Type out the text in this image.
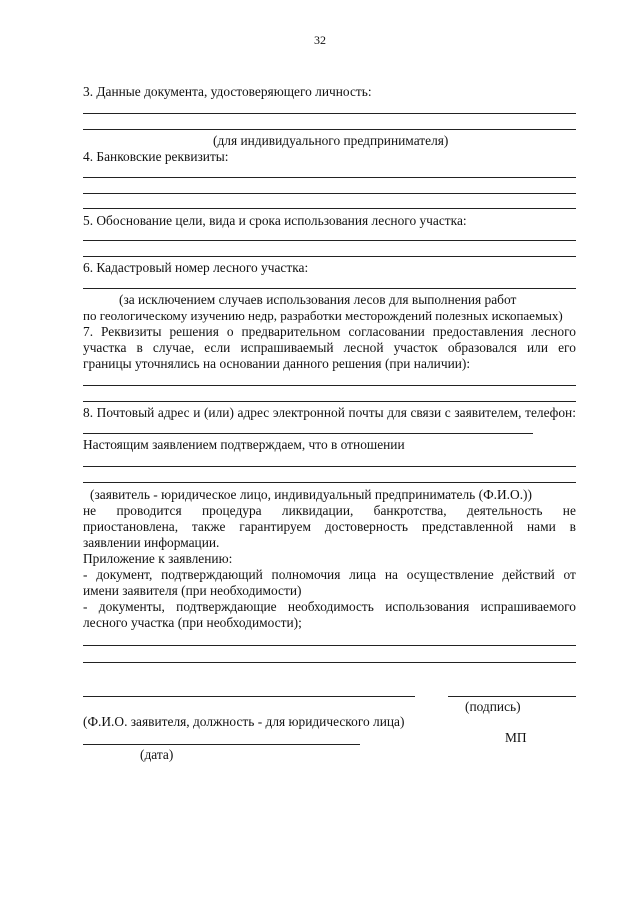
32
3. Данные документа, удостоверяющего личность:
(для индивидуального предпринимателя)
4. Банковские реквизиты:
5. Обоснование цели, вида и срока использования лесного участка:
6. Кадастровый номер лесного участка:
(за исключением случаев использования лесов для выполнения работ
по геологическому изучению недр, разработки месторождений полезных ископаемых)
7. Реквизиты решения о предварительном согласовании предоставления лесного
участка в случае, если испрашиваемый лесной участок образовался или его
границы уточнялись на основании данного решения (при наличии):
8. Почтовый адрес и (или) адрес электронной почты для связи с заявителем, телефон:
Настоящим заявлением подтверждаем, что в отношении
(заявитель - юридическое лицо, индивидуальный предприниматель (Ф.И.О.))
не проводится процедура ликвидации, банкротства, деятельность не
приостановлена, также гарантируем достоверность представленной нами в
заявлении информации.
Приложение к заявлению:
- документ, подтверждающий полномочия лица на осуществление действий от
имени заявителя (при необходимости)
- документы, подтверждающие необходимость использования испрашиваемого
лесного участка (при необходимости);
(подпись)
(Ф.И.О. заявителя, должность - для юридического лица)
МП
(дата)
